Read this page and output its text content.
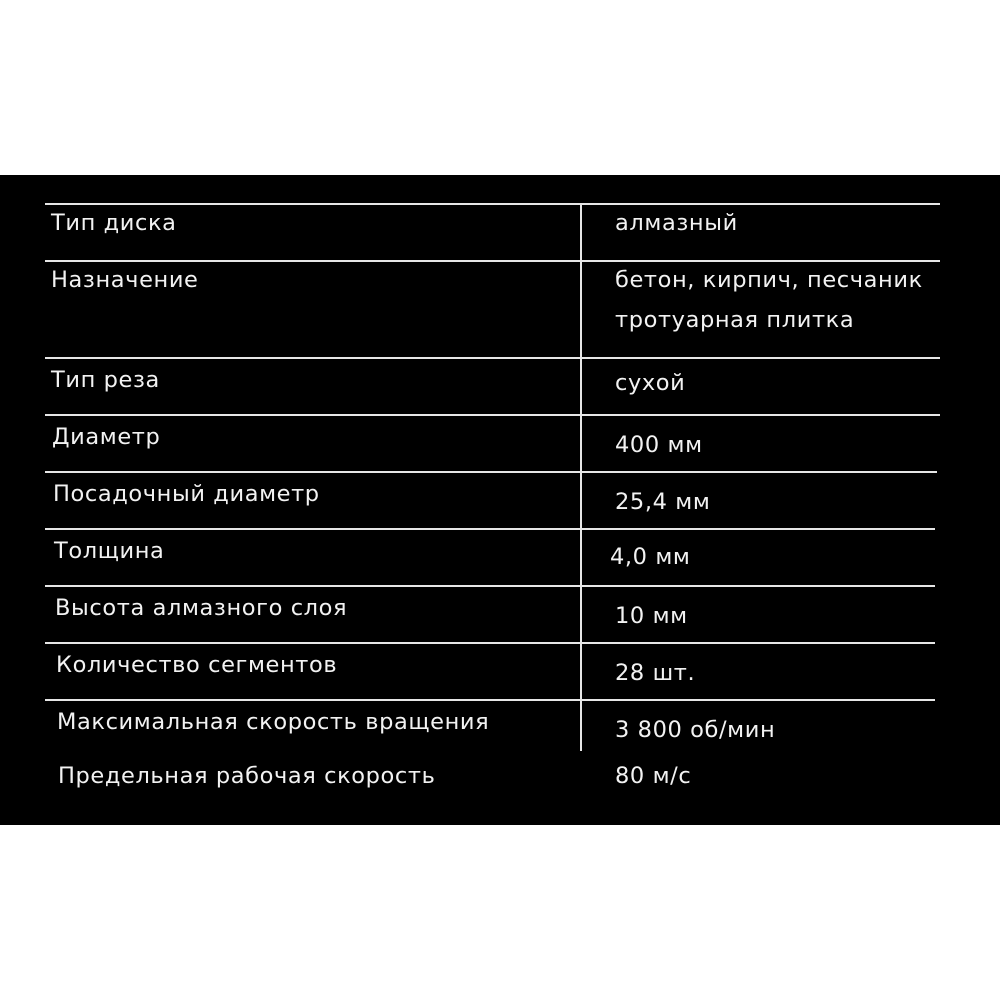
Тип диска	алмазный
Назначение	бетон, кирпич, песчаник
тротуарная плитка
Тип реза	сухой
Диаметр	400 мм
Посадочный диаметр	25,4 мм
Толщина	4,0 мм
Высота алмазного слоя	10 мм
Количество сегментов	28 шт.
Максимальная скорость вращения	3 800 об/мин
Предельная рабочая скорость	80 м/с
